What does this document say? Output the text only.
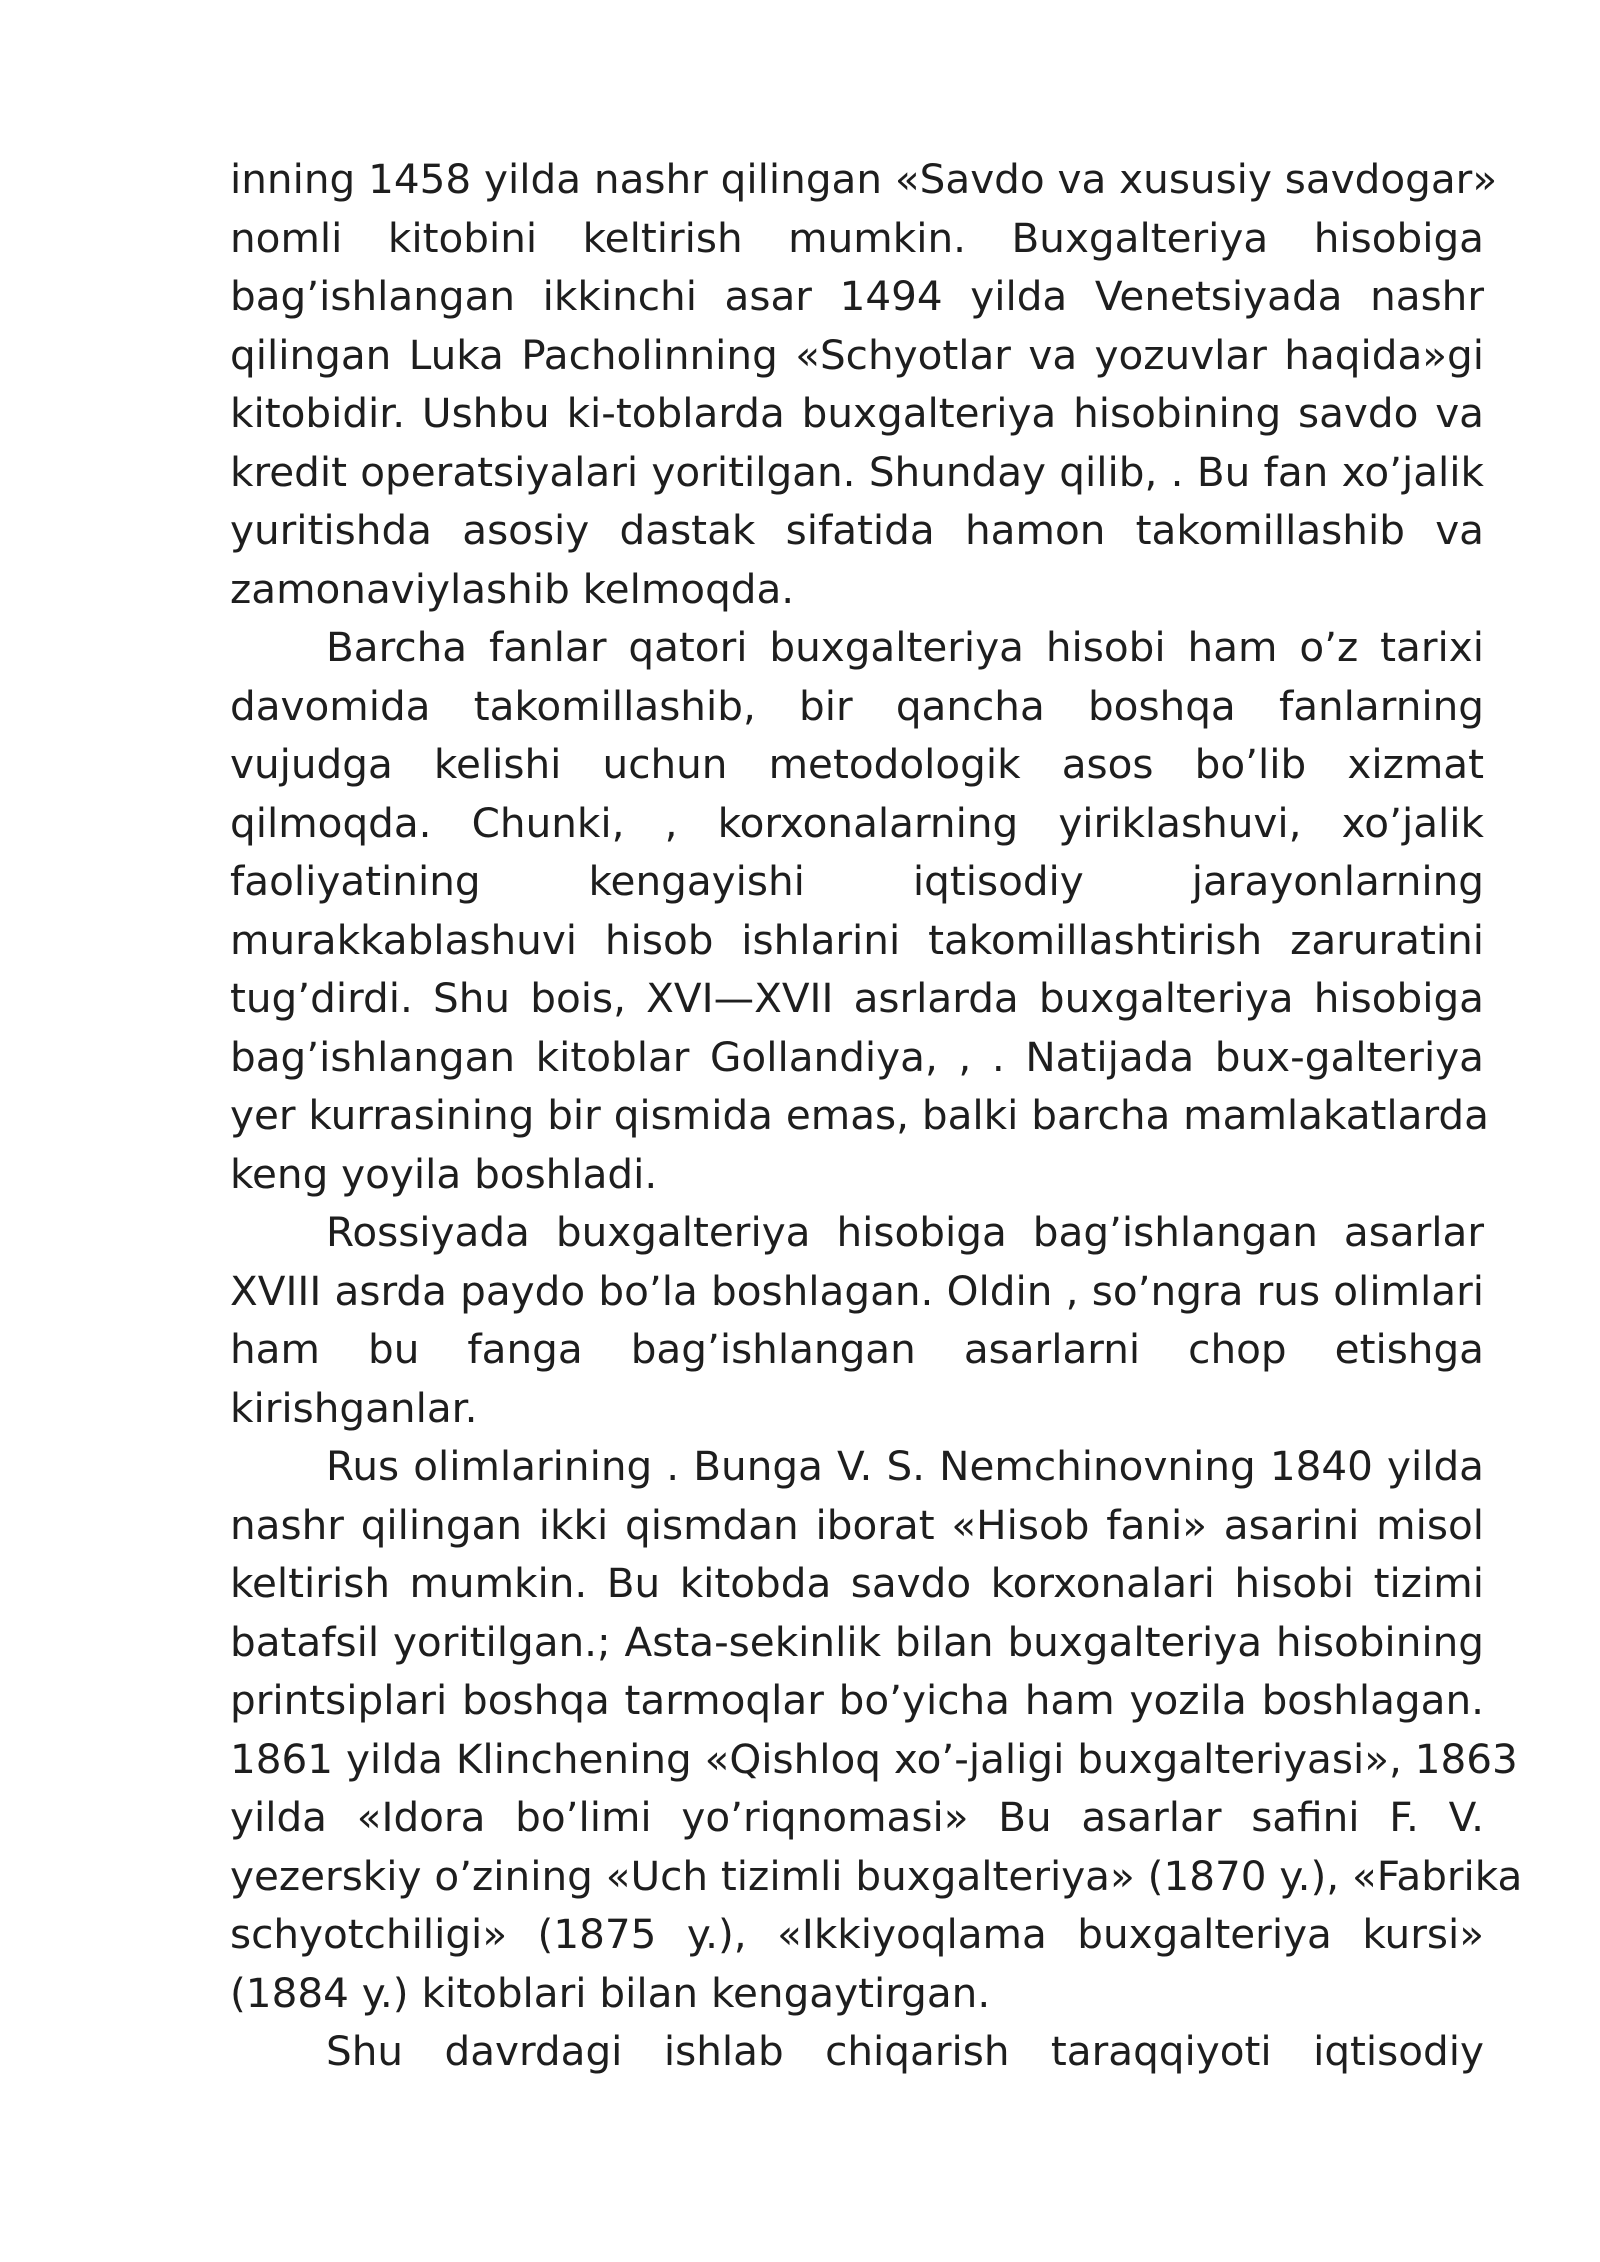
inning 1458 yilda nashr qilingan «Savdo va xususiy savdogar»
nomli kitobini keltirish mumkin. Buxgalteriya hisobiga
bag’ishlangan ikkinchi asar 1494 yilda Venetsiyada nashr
qilingan Luka Pacholinning «Schyotlar va yozuvlar haqida»gi
kitobidir. Ushbu ki-toblarda buxgalteriya hisobining savdo va
kredit operatsiyalari yoritilgan. Shunday qilib, . Bu fan xo’jalik
yuritishda asosiy dastak sifatida hamon takomillashib va
zamonaviylashib kelmoqda.
Barcha fanlar qatori buxgalteriya hisobi ham o’z tarixi
davomida takomillashib, bir qancha boshqa fanlarning
vujudga kelishi uchun metodologik asos bo’lib xizmat
qilmoqda. Chunki, , korxonalarning yiriklashuvi, xo’jalik
faoliyatining kengayishi iqtisodiy jarayonlarning
murakkablashuvi hisob ishlarini takomillashtirish zaruratini
tug’dirdi. Shu bois, XVI—XVII asrlarda buxgalteriya hisobiga
bag’ishlangan kitoblar Gollandiya, , . Natijada bux-galteriya
yer kurrasining bir qismida emas, balki barcha mamlakatlarda
keng yoyila boshladi.
Rossiyada buxgalteriya hisobiga bag’ishlangan asarlar
XVIII asrda paydo bo’la boshlagan. Oldin , so’ngra rus olimlari
ham bu fanga bag’ishlangan asarlarni chop etishga
kirishganlar.
Rus olimlarining . Bunga V. S. Nemchinovning 1840 yilda
nashr qilingan ikki qismdan iborat «Hisob fani» asarini misol
keltirish mumkin. Bu kitobda savdo korxonalari hisobi tizimi
batafsil yoritilgan.; Asta-sekinlik bilan buxgalteriya hisobining
printsiplari boshqa tarmoqlar bo’yicha ham yozila boshlagan.
1861 yilda Klinchening «Qishloq xo’-jaligi buxgalteriyasi», 1863
yilda «Idora bo’limi yo’riqnomasi» Bu asarlar safini F. V.
yezerskiy o’zining «Uch tizimli buxgalteriya» (1870 y.), «Fabrika
schyotchiligi» (1875 y.), «Ikkiyoqlama buxgalteriya kursi»
(1884 y.) kitoblari bilan kengaytirgan.
Shu davrdagi ishlab chiqarish taraqqiyoti iqtisodiy
